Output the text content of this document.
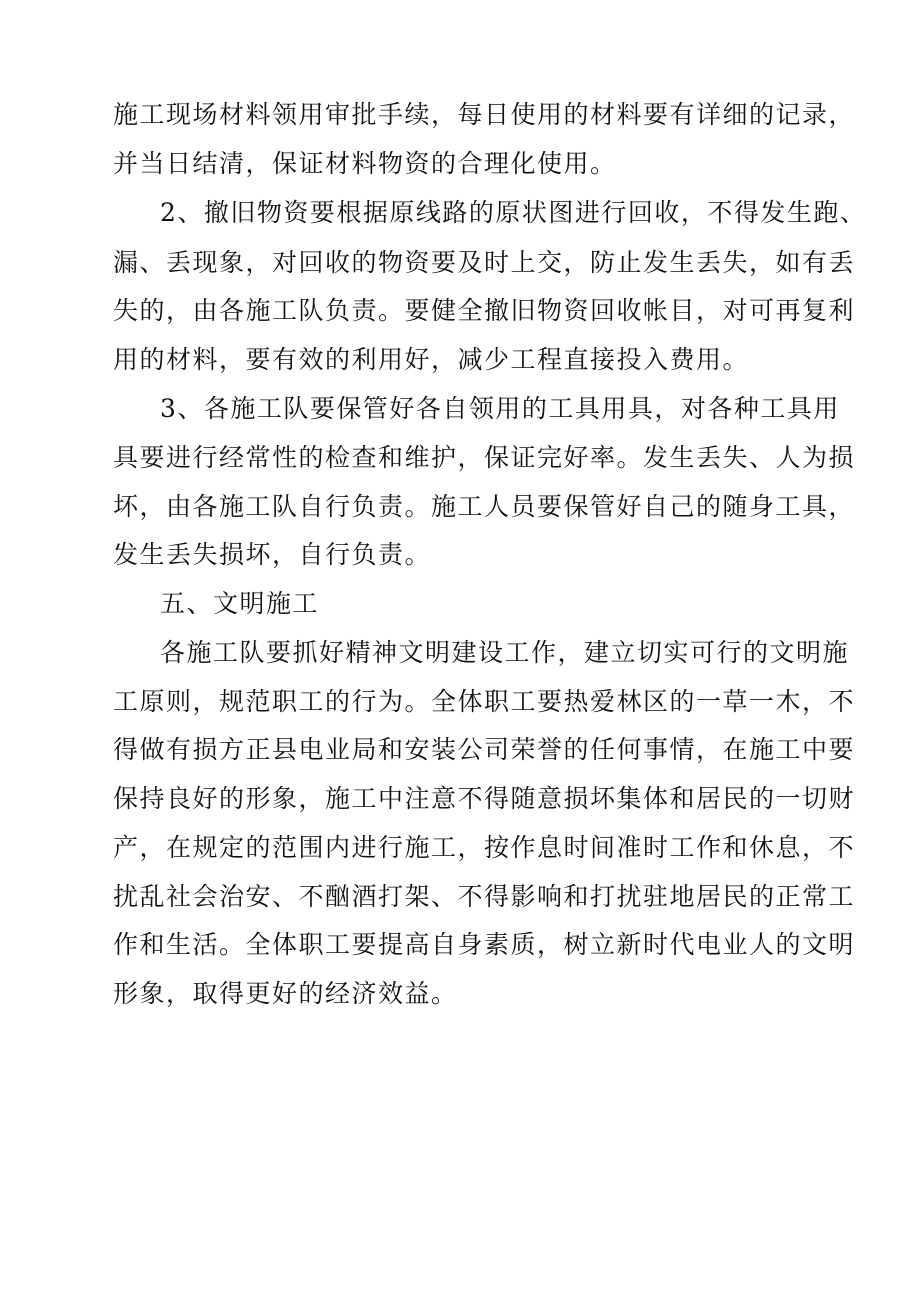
施工现场材料领用审批手续，每日使用的材料要有详细的记录，
并当日结清，保证材料物资的合理化使用。
2、撤旧物资要根据原线路的原状图进行回收，不得发生跑、
漏、丢现象，对回收的物资要及时上交，防止发生丢失，如有丢
失的，由各施工队负责。要健全撤旧物资回收帐目，对可再复利
用的材料，要有效的利用好，减少工程直接投入费用。
3、各施工队要保管好各自领用的工具用具，对各种工具用
具要进行经常性的检查和维护，保证完好率。发生丢失、人为损
坏，由各施工队自行负责。施工人员要保管好自己的随身工具，
发生丢失损坏，自行负责。
五、文明施工
各施工队要抓好精神文明建设工作，建立切实可行的文明施
工原则，规范职工的行为。全体职工要热爱林区的一草一木，不
得做有损方正县电业局和安装公司荣誉的任何事情，在施工中要
保持良好的形象，施工中注意不得随意损坏集体和居民的一切财
产，在规定的范围内进行施工，按作息时间准时工作和休息，不
扰乱社会治安、不酗酒打架、不得影响和打扰驻地居民的正常工
作和生活。全体职工要提高自身素质，树立新时代电业人的文明
形象，取得更好的经济效益。
